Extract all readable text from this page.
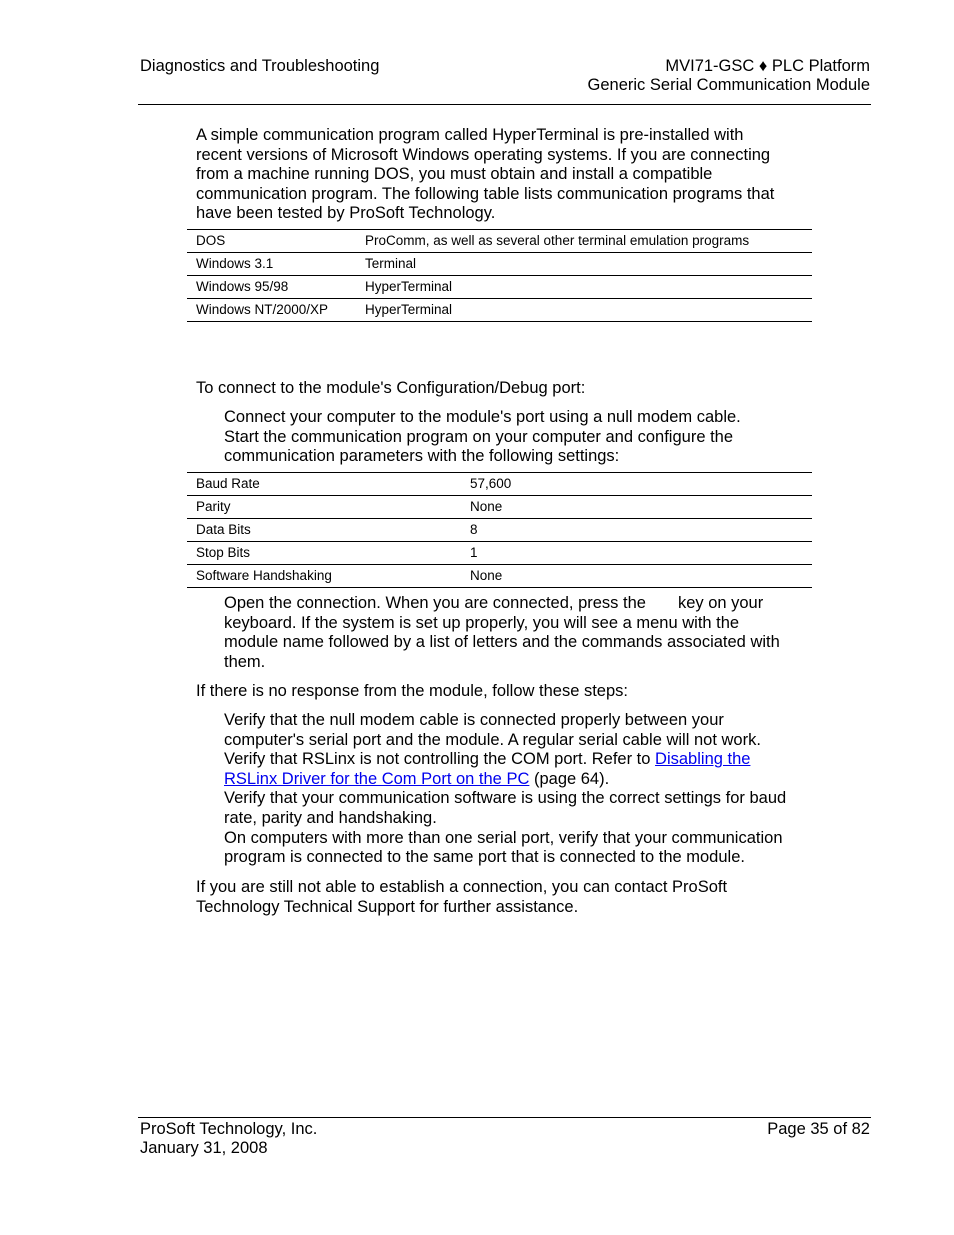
Diagnostics and Troubleshooting	MVI71-GSC ♦ PLC Platform
Generic Serial Communication Module

A simple communication program called HyperTerminal is pre-installed with

recent versions of Microsoft Windows operating systems. If you are connecting

from a machine running DOS, you must obtain and install a compatible

communication program. The following table lists communication programs that

have been tested by ProSoft Technology.

DOS	ProComm, as well as several other terminal emulation programs
Windows 3.1	Terminal
Windows 95/98	HyperTerminal
Windows NT/2000/XP	HyperTerminal
To connect to the module's Configuration/Debug port:

Connect your computer to the module's port using a null modem cable.

Start the communication program on your computer and configure the

communication parameters with the following settings:

Baud Rate	57,600
Parity	None
Data Bits	8
Stop Bits	1
Software Handshaking	None

Open the connection. When you are connected, press the key on your

keyboard. If the system is set up properly, you will see a menu with the

module name followed by a list of letters and the commands associated with

them.

If there is no response from the module, follow these steps:

Verify that the null modem cable is connected properly between your

computer's serial port and the module. A regular serial cable will not work.

Verify that RSLinx is not controlling the COM port. Refer to Disabling the

RSLinx Driver for the Com Port on the PC (page 64).

Verify that your communication software is using the correct settings for baud

rate, parity and handshaking.

On computers with more than one serial port, verify that your communication

program is connected to the same port that is connected to the module.

If you are still not able to establish a connection, you can contact ProSoft

Technology Technical Support for further assistance.

ProSoft Technology, Inc.
January 31, 2008
Page 35 of 82
